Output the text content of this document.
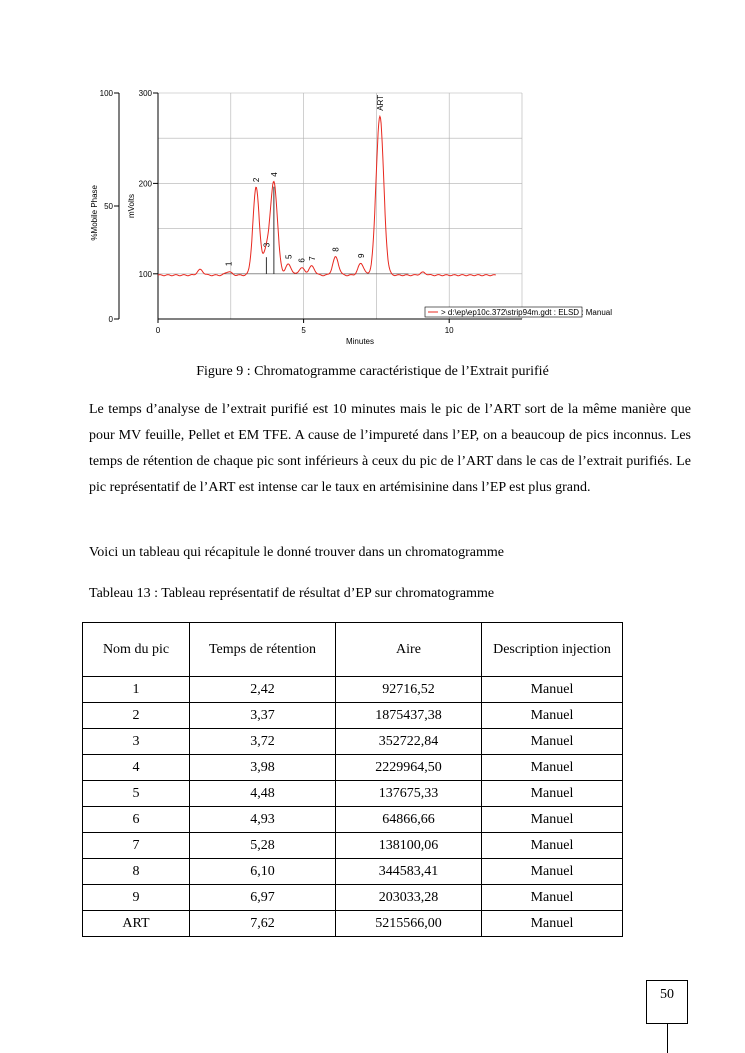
100
200
300
0
50
100
0	5	10
Minutes
mVolts
%Mobile Phase
1
2
3
4
5
6 7
8
9
ART
> d:\ep\ep10c.372\strip94m.gdt : ELSD : Manual
Figure 9 : Chromatogramme caractéristique de l’Extrait purifié

Le temps d’analyse de l’extrait purifié est 10 minutes mais le pic de l’ART sort de la même manière que pour MV feuille, Pellet et EM TFE. A cause de l’impureté dans l’EP, on a beaucoup de pics inconnus. Les temps de rétention de chaque pic sont inférieurs à ceux du pic de l’ART dans le cas de l’extrait purifiés. Le pic représentatif de l’ART est intense car le taux en artémisinine dans l’EP est plus grand.

Voici un tableau qui récapitule le donné trouver dans un chromatogramme

Tableau 13 : Tableau représentatif de résultat d’EP sur chromatogramme

Nom du pic	Temps de rétention	Aire	Description injection
1	2,42	92716,52	Manuel
2	3,37	1875437,38	Manuel
3	3,72	352722,84	Manuel
4	3,98	2229964,50	Manuel
5	4,48	137675,33	Manuel
6	4,93	64866,66	Manuel
7	5,28	138100,06	Manuel
8	6,10	344583,41	Manuel
9	6,97	203033,28	Manuel
ART	7,62	5215566,00	Manuel
50
